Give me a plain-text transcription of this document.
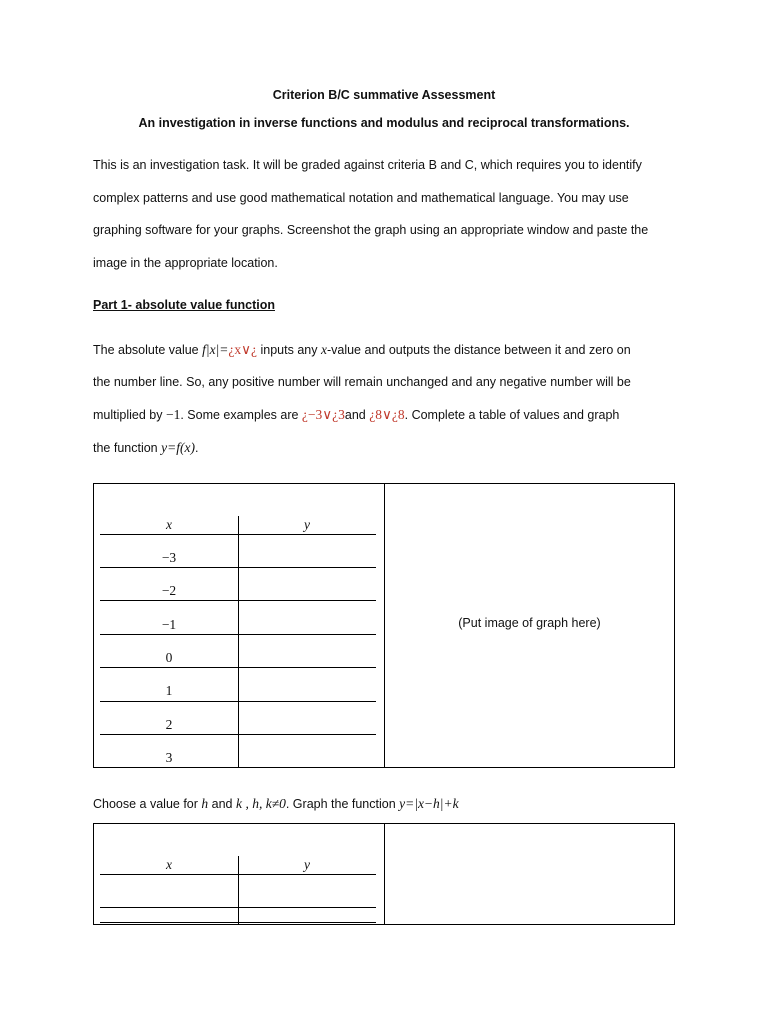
Criterion B/C summative Assessment
An investigation in inverse functions and modulus and reciprocal transformations.
This is an investigation task. It will be graded against criteria B and C, which requires you to identify
complex patterns and use good mathematical notation and mathematical language. You may use
graphing software for your graphs. Screenshot the graph using an appropriate window and paste the
image in the appropriate location.
Part 1- absolute value function
The absolute value f|x|=¿x∨¿ inputs any x-value and outputs the distance between it and zero on
the number line. So, any positive number will remain unchanged and any negative number will be
multiplied by −1. Some examples are ¿−3∨¿3and ¿8∨¿8. Complete a table of values and graph
the function y=f(x).
x	y
−3
−2
−1
0
1
2
3
(Put image of graph here)
Choose a value for h and k , h, k≠0. Graph the function y=|x−h|+k
x	y
